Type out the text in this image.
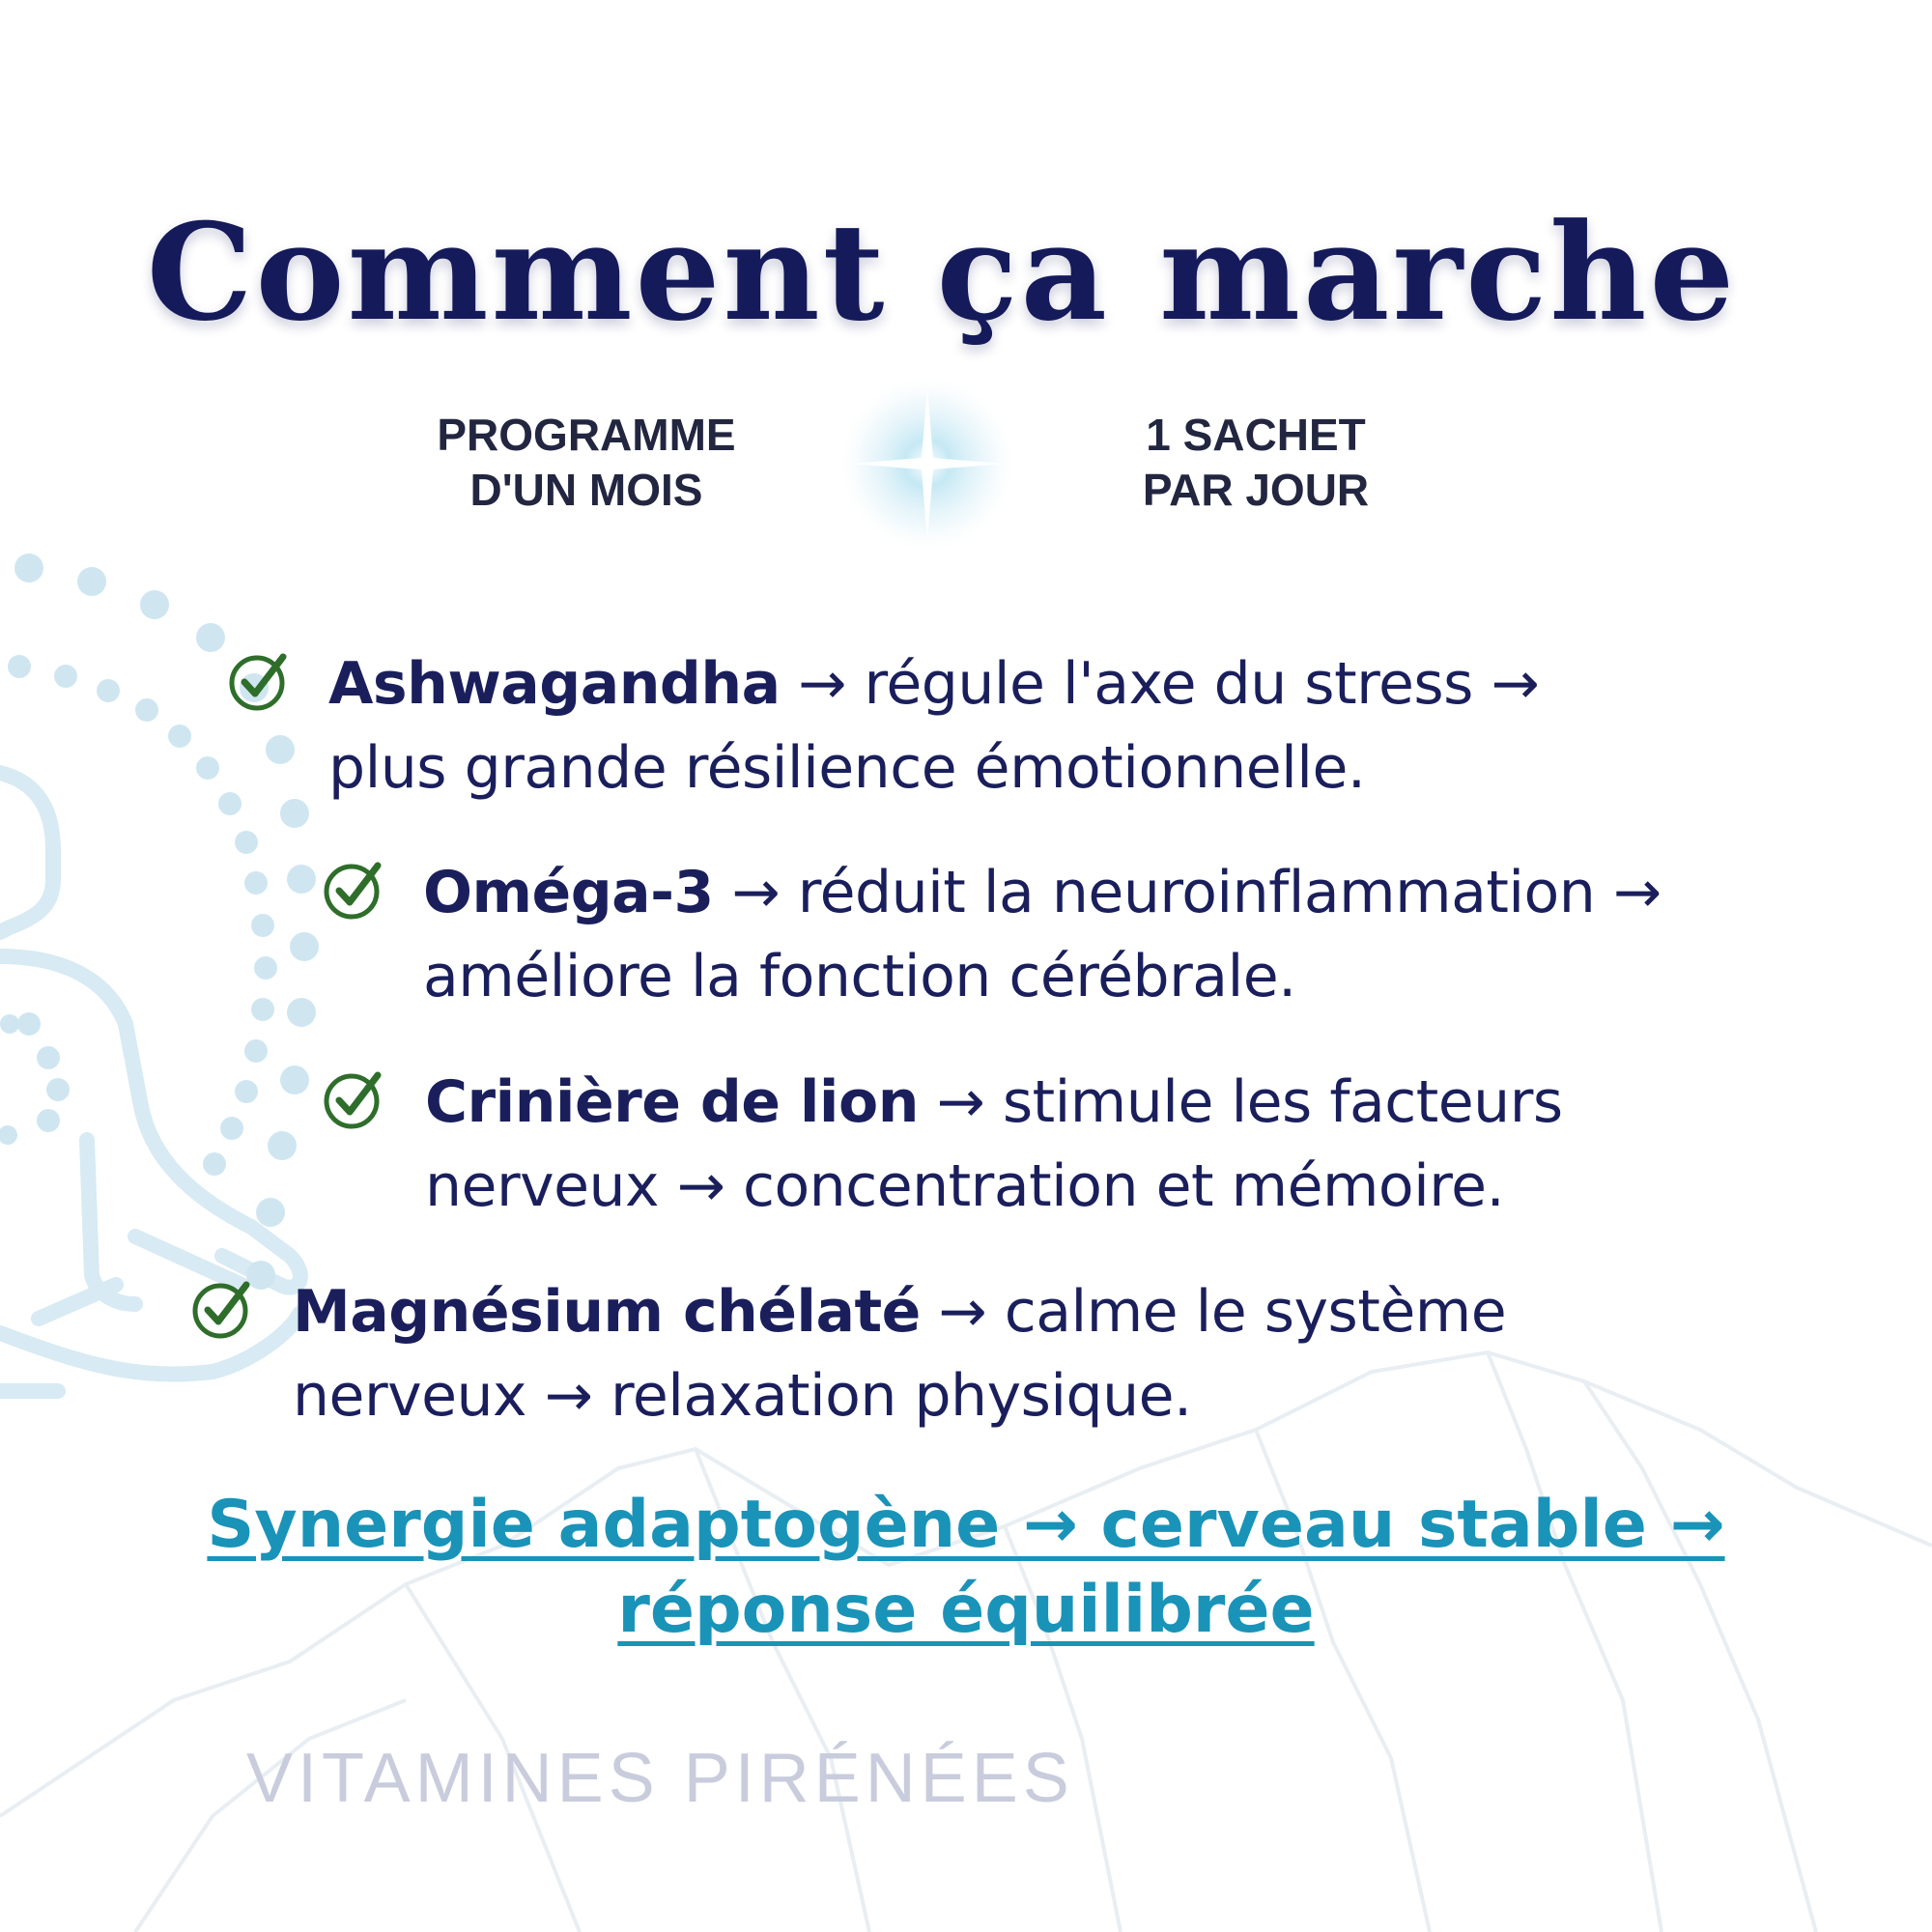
Comment ça marche
PROGRAMME
D'UN MOIS
1 SACHET
PAR JOUR
Ashwagandha → régule l'axe du stress →
plus grande résilience émotionnelle.
Oméga-3 → réduit la neuroinflammation →
améliore la fonction cérébrale.
Crinière de lion → stimule les facteurs
nerveux → concentration et mémoire.
Magnésium chélaté → calme le système
nerveux → relaxation physique.
Synergie adaptogène → cerveau stable →
réponse équilibrée
VITAMINES PIRÉNÉES
